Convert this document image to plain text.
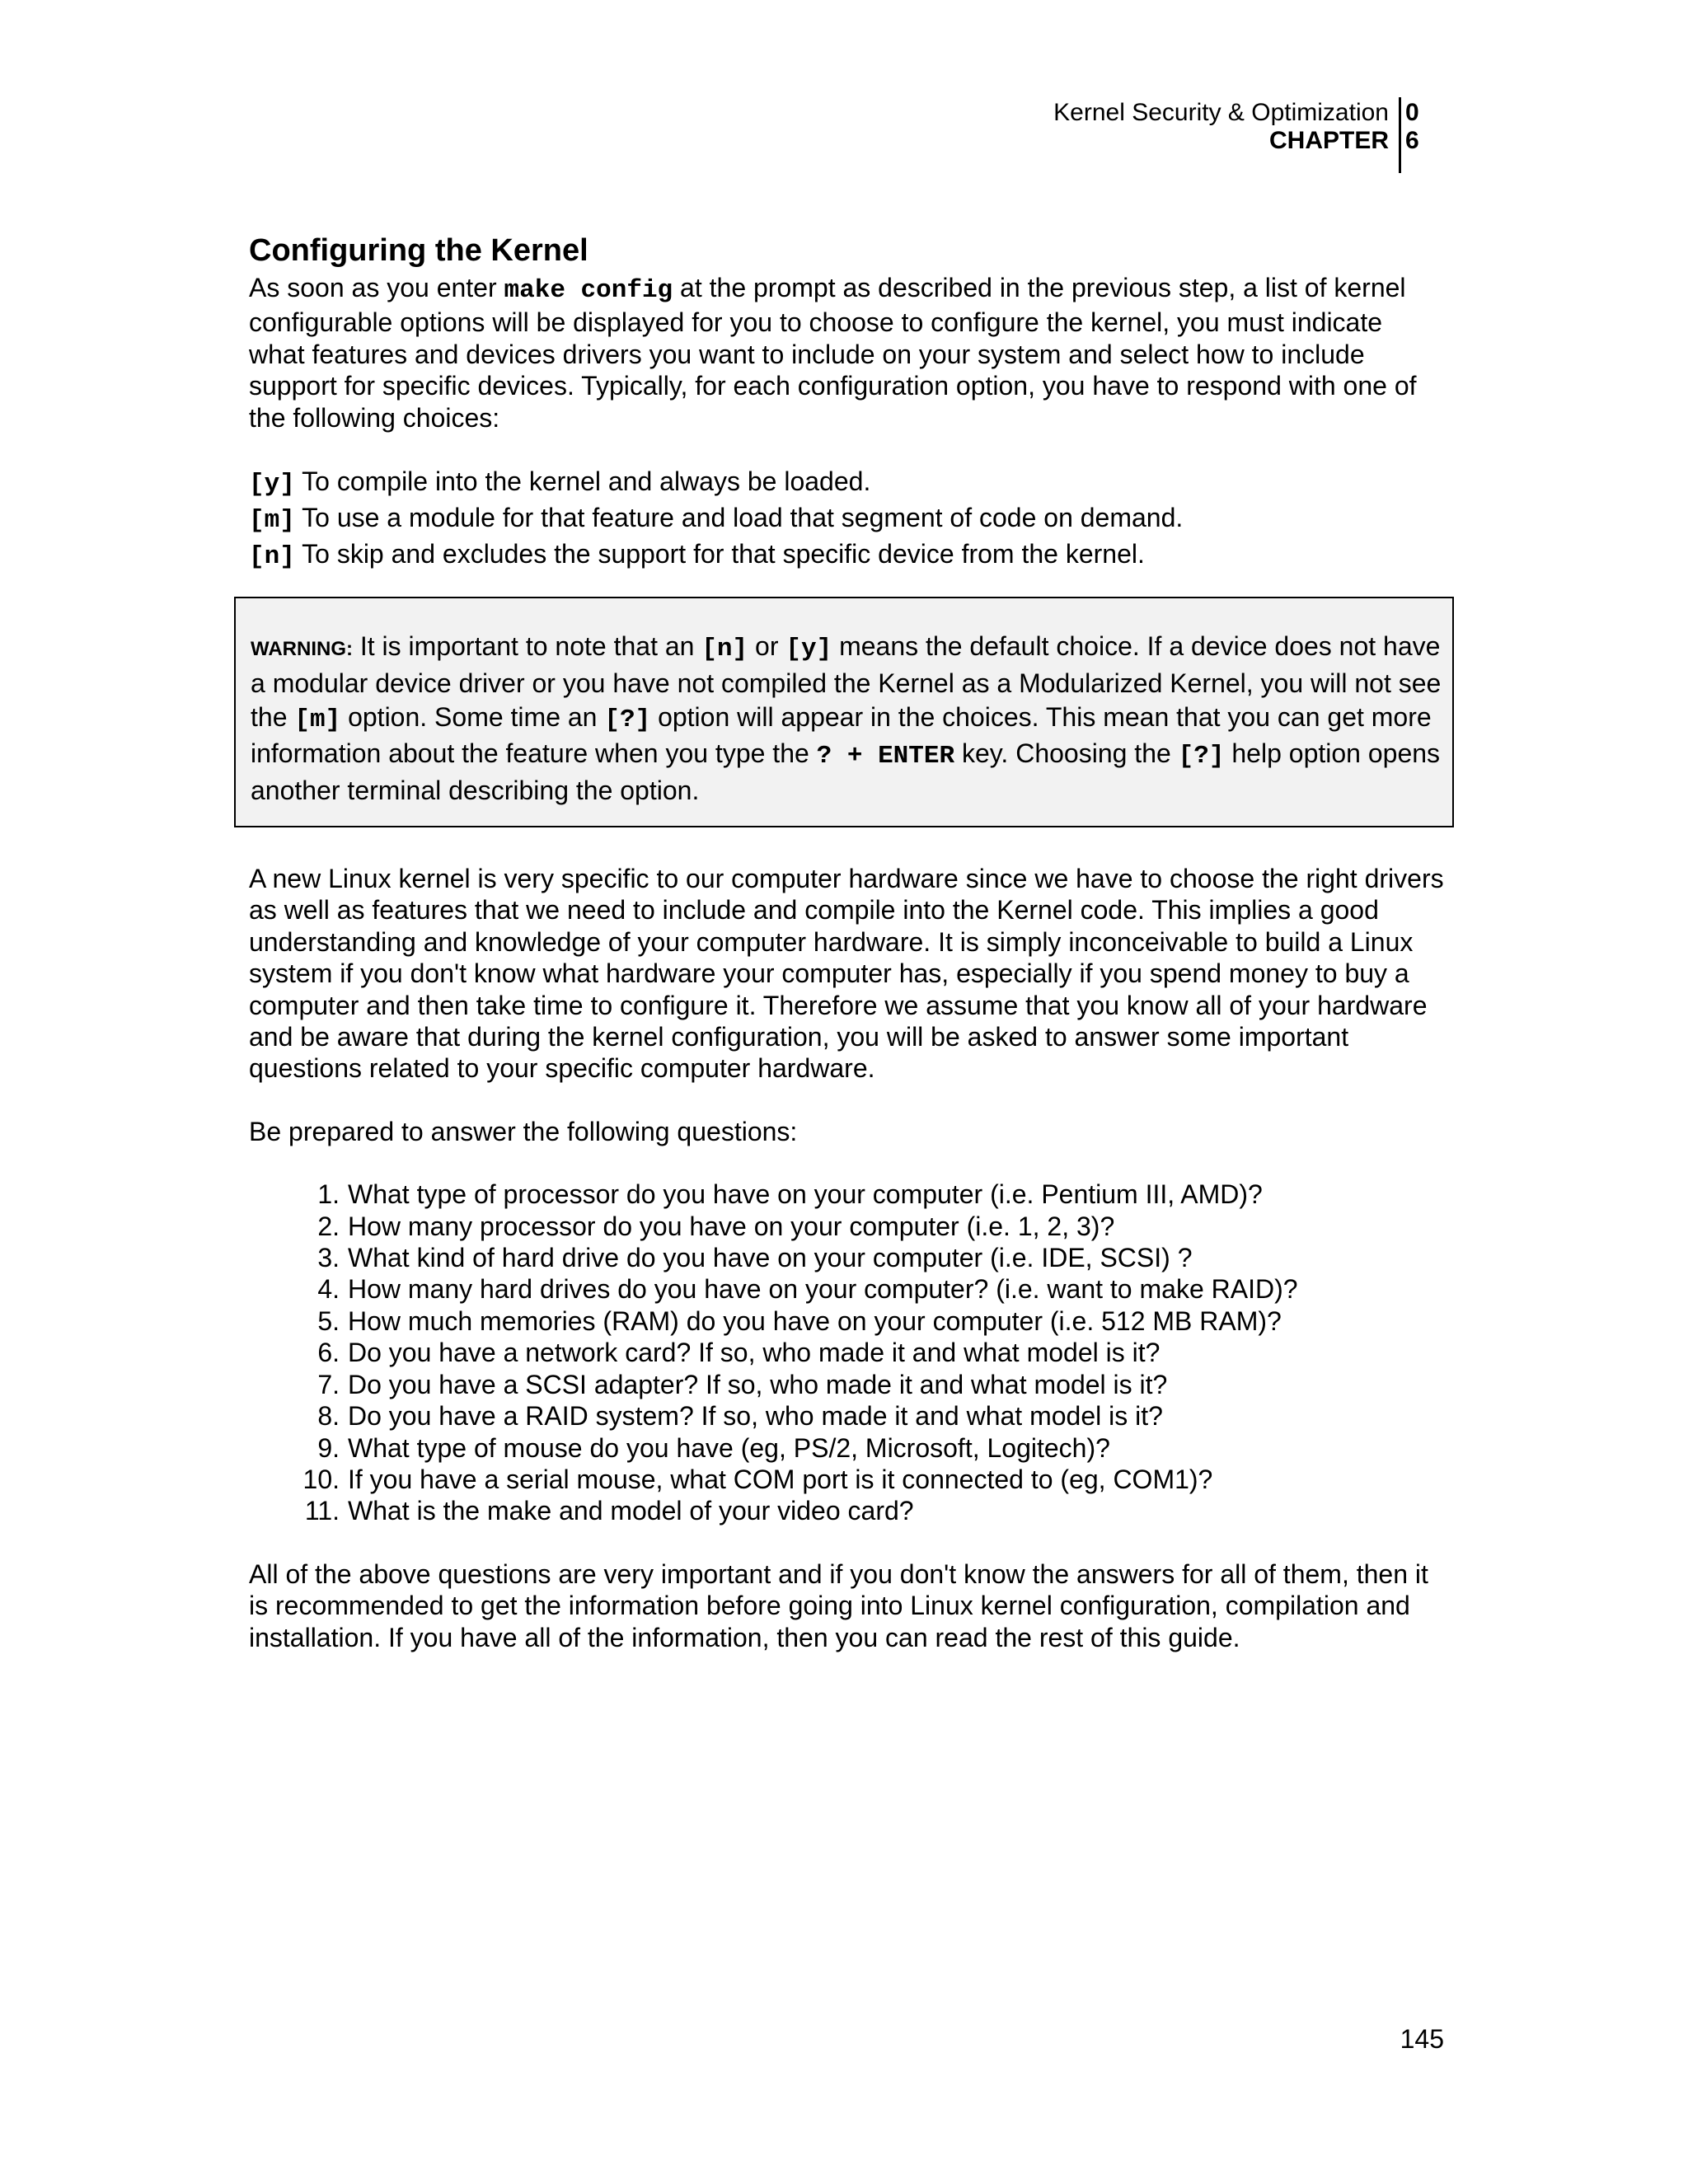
Kernel Security & Optimization
CHAPTER
0
6
Configuring the Kernel

As soon as you enter make config at the prompt as described in the previous step, a list of kernel configurable options will be displayed for you to choose to configure the kernel, you must indicate what features and devices drivers you want to include on your system and select how to include support for specific devices. Typically, for each configuration option, you have to respond with one of the following choices:

[y] To compile into the kernel and always be loaded.
[m] To use a module for that feature and load that segment of code on demand.
[n] To skip and excludes the support for that specific device from the kernel.
WARNING: It is important to note that an [n] or [y] means the default choice. If a device does not have a modular device driver or you have not compiled the Kernel as a Modularized Kernel, you will not see the [m] option. Some time an [?] option will appear in the choices. This mean that you can get more information about the feature when you type the ? + ENTER key. Choosing the [?] help option opens another terminal describing the option.

A new Linux kernel is very specific to our computer hardware since we have to choose the right drivers as well as features that we need to include and compile into the Kernel code. This implies a good understanding and knowledge of your computer hardware. It is simply inconceivable to build a Linux system if you don't know what hardware your computer has, especially if you spend money to buy a computer and then take time to configure it. Therefore we assume that you know all of your hardware and be aware that during the kernel configuration, you will be asked to answer some important questions related to your specific computer hardware.

Be prepared to answer the following questions:

1. What type of processor do you have on your computer (i.e. Pentium III, AMD)?
2. How many processor do you have on your computer (i.e. 1, 2, 3)?
3. What kind of hard drive do you have on your computer (i.e. IDE, SCSI) ?
4. How many hard drives do you have on your computer? (i.e. want to make RAID)?
5. How much memories (RAM) do you have on your computer (i.e. 512 MB RAM)?
6. Do you have a network card? If so, who made it and what model is it?
7. Do you have a SCSI adapter? If so, who made it and what model is it?
8. Do you have a RAID system? If so, who made it and what model is it?
9. What type of mouse do you have (eg, PS/2, Microsoft, Logitech)?
10. If you have a serial mouse, what COM port is it connected to (eg, COM1)?
11. What is the make and model of your video card?

All of the above questions are very important and if you don't know the answers for all of them, then it is recommended to get the information before going into Linux kernel configuration, compilation and installation. If you have all of the information, then you can read the rest of this guide.

145
